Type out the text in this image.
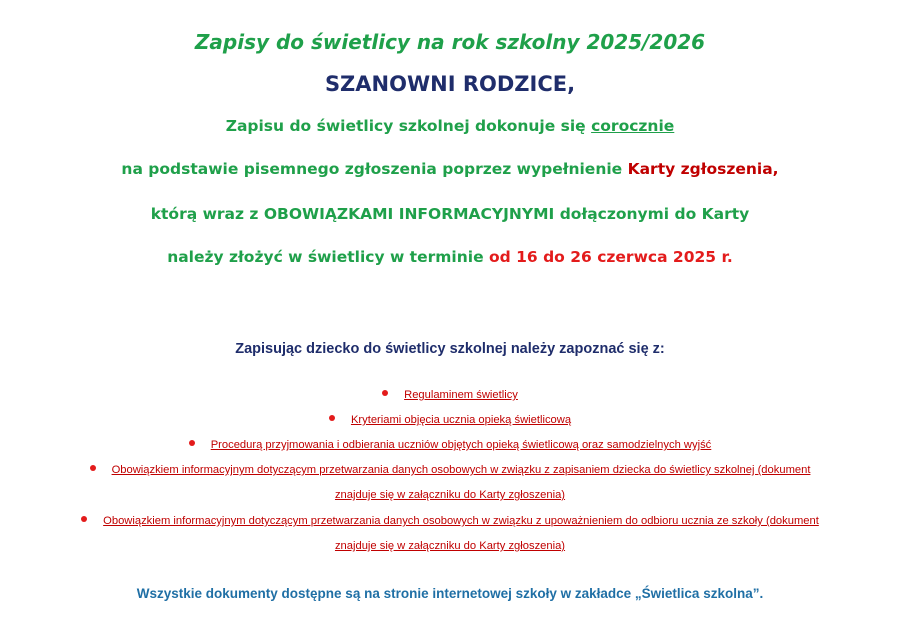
Zapisy do świetlicy na rok szkolny 2025/2026
SZANOWNI RODZICE,
Zapisu do świetlicy szkolnej dokonuje się corocznie
na podstawie pisemnego zgłoszenia poprzez wypełnienie Karty zgłoszenia,
którą wraz z OBOWIĄZKAMI INFORMACYJNYMI dołączonymi do Karty
należy złożyć w świetlicy w terminie od 16 do 26 czerwca 2025 r.
Zapisując dziecko do świetlicy szkolnej należy zapoznać się z:
Regulaminem świetlicy
Kryteriami objęcia ucznia opieką świetlicową
Procedurą przyjmowania i odbierania uczniów objętych opieką świetlicową oraz samodzielnych wyjść
Obowiązkiem informacyjnym dotyczącym przetwarzania danych osobowych w związku z zapisaniem dziecka do świetlicy szkolnej (dokument
znajduje się w załączniku do Karty zgłoszenia)
Obowiązkiem informacyjnym dotyczącym przetwarzania danych osobowych w związku z upoważnieniem do odbioru ucznia ze szkoły (dokument
znajduje się w załączniku do Karty zgłoszenia)
Wszystkie dokumenty dostępne są na stronie internetowej szkoły w zakładce „Świetlica szkolna”.
